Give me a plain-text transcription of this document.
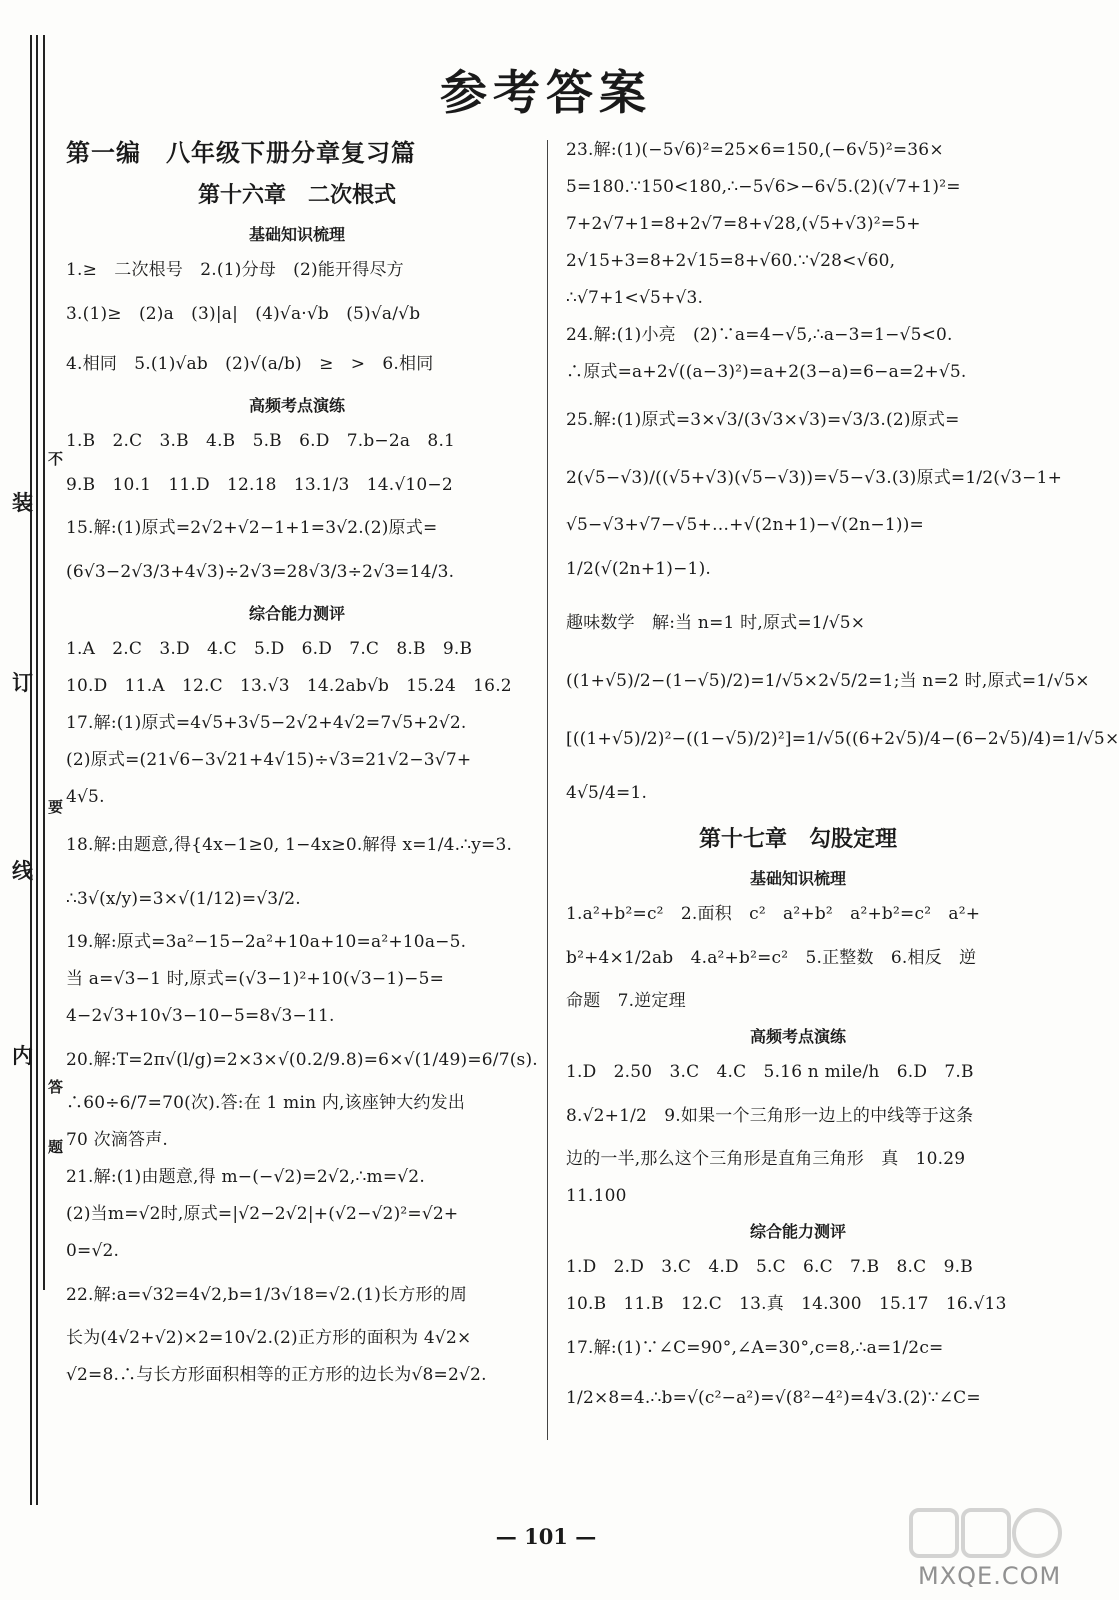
装
订
线
内
不
要
答
题
参考答案
第一编　八年级下册分章复习篇
第十六章　二次根式
基础知识梳理
1.≥　二次根号　2.(1)分母　(2)能开得尽方
3.(1)≥　(2)a　(3)|a|　(4)√a·√b　(5)√a/√b
4.相同　5.(1)√ab　(2)√(a/b)　≥　>　6.相同
高频考点演练
1.B　2.C　3.B　4.B　5.B　6.D　7.b−2a　8.1
9.B　10.1　11.D　12.18　13.1/3　14.√10−2
15.解:(1)原式=2√2+√2−1+1=3√2.(2)原式=
(6√3−2√3/3+4√3)÷2√3=28√3/3÷2√3=14/3.
综合能力测评
1.A　2.C　3.D　4.C　5.D　6.D　7.C　8.B　9.B
10.D　11.A　12.C　13.√3　14.2ab√b　15.24　16.2
17.解:(1)原式=4√5+3√5−2√2+4√2=7√5+2√2.
(2)原式=(21√6−3√21+4√15)÷√3=21√2−3√7+
4√5.
18.解:由题意,得{4x−1≥0, 1−4x≥0.解得 x=1/4.∴y=3.
∴3√(x/y)=3×√(1/12)=√3/2.
19.解:原式=3a²−15−2a²+10a+10=a²+10a−5.
当 a=√3−1 时,原式=(√3−1)²+10(√3−1)−5=
4−2√3+10√3−10−5=8√3−11.
20.解:T=2π√(l/g)=2×3×√(0.2/9.8)=6×√(1/49)=6/7(s).
∴60÷6/7=70(次).答:在 1 min 内,该座钟大约发出
70 次滴答声.
21.解:(1)由题意,得 m−(−√2)=2√2,∴m=√2.
(2)当m=√2时,原式=|√2−2√2|+(√2−√2)²=√2+
0=√2.
22.解:a=√32=4√2,b=1/3√18=√2.(1)长方形的周
长为(4√2+√2)×2=10√2.(2)正方形的面积为 4√2×
√2=8.∴与长方形面积相等的正方形的边长为√8=2√2.
23.解:(1)(−5√6)²=25×6=150,(−6√5)²=36×
5=180.∵150<180,∴−5√6>−6√5.(2)(√7+1)²=
7+2√7+1=8+2√7=8+√28,(√5+√3)²=5+
2√15+3=8+2√15=8+√60.∵√28<√60,
∴√7+1<√5+√3.
24.解:(1)小亮　(2)∵a=4−√5,∴a−3=1−√5<0.
∴原式=a+2√((a−3)²)=a+2(3−a)=6−a=2+√5.
25.解:(1)原式=3×√3/(3√3×√3)=√3/3.(2)原式=
2(√5−√3)/((√5+√3)(√5−√3))=√5−√3.(3)原式=1/2(√3−1+
√5−√3+√7−√5+…+√(2n+1)−√(2n−1))=
1/2(√(2n+1)−1).
趣味数学　解:当 n=1 时,原式=1/√5×
((1+√5)/2−(1−√5)/2)=1/√5×2√5/2=1;当 n=2 时,原式=1/√5×
[((1+√5)/2)²−((1−√5)/2)²]=1/√5((6+2√5)/4−(6−2√5)/4)=1/√5×
4√5/4=1.
第十七章　勾股定理
基础知识梳理
1.a²+b²=c²　2.面积　c²　a²+b²　a²+b²=c²　a²+
b²+4×1/2ab　4.a²+b²=c²　5.正整数　6.相反　逆
命题　7.逆定理
高频考点演练
1.D　2.50　3.C　4.C　5.16 n mile/h　6.D　7.B
8.√2+1/2　9.如果一个三角形一边上的中线等于这条
边的一半,那么这个三角形是直角三角形　真　10.29
11.100
综合能力测评
1.D　2.D　3.C　4.D　5.C　6.C　7.B　8.C　9.B
10.B　11.B　12.C　13.真　14.300　15.17　16.√13
17.解:(1)∵∠C=90°,∠A=30°,c=8,∴a=1/2c=
1/2×8=4.∴b=√(c²−a²)=√(8²−4²)=4√3.(2)∵∠C=
— 101 —
MXQE.COM
